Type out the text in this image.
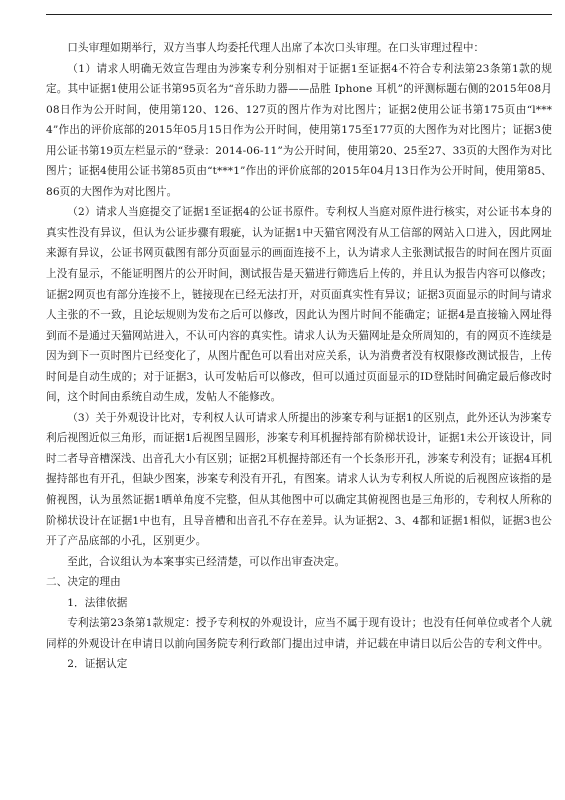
口头审理如期举行，双方当事人均委托代理人出席了本次口头审理。在口头审理过程中：

（1）请求人明确无效宣告理由为涉案专利分别相对于证据1至证据4不符合专利法第23条第1款的规定。其中证据1使用公证书第95页名为“音乐助力器——品胜 Iphone 耳机”的评测标题右侧的2015年08月08日作为公开时间，使用第120、126、127页的图片作为对比图片；证据2使用公证书第175页由“l***4”作出的评价底部的2015年05月15日作为公开时间，使用第175至177页的大图作为对比图片；证据3使用公证书第19页左栏显示的“登录：2014-06-11”为公开时间，使用第20、25至27、33页的大图作为对比图片；证据4使用公证书第85页由“t***1”作出的评价底部的2015年04月13日作为公开时间，使用第85、86页的大图作为对比图片。

（2）请求人当庭提交了证据1至证据4的公证书原件。专利权人当庭对原件进行核实，对公证书本身的真实性没有异议，但认为公证步骤有瑕疵，认为证据1中天猫官网没有从工信部的网站入口进入，因此网址来源有异议，公证书网页截图有部分页面显示的画面连接不上，认为请求人主张测试报告的时间在图片页面上没有显示，不能证明图片的公开时间，测试报告是天猫进行筛选后上传的，并且认为报告内容可以修改；证据2网页也有部分连接不上，链接现在已经无法打开，对页面真实性有异议；证据3页面显示的时间与请求人主张的不一致，且论坛规则为发布之后可以修改，因此认为图片时间不能确定；证据4是直接输入网址得到而不是通过天猫网站进入，不认可内容的真实性。请求人认为天猫网址是众所周知的，有的网页不连续是因为到下一页时图片已经变化了，从图片配色可以看出对应关系，认为消费者没有权限修改测试报告，上传时间是自动生成的；对于证据3，认可发帖后可以修改，但可以通过页面显示的ID登陆时间确定最后修改时间，这个时间由系统自动生成，发帖人不能修改。

（3）关于外观设计比对，专利权人认可请求人所提出的涉案专利与证据1的区别点，此外还认为涉案专利后视图近似三角形，而证据1后视图呈圆形，涉案专利耳机握持部有阶梯状设计，证据1未公开该设计，同时二者导音槽深浅、出音孔大小有区别；证据2耳机握持部还有一个长条形开孔，涉案专利没有；证据4耳机握持部也有开孔，但缺少图案，涉案专利没有开孔，有图案。请求人认为专利权人所说的后视图应该指的是俯视图，认为虽然证据1晒单角度不完整，但从其他图中可以确定其俯视图也是三角形的，专利权人所称的阶梯状设计在证据1中也有，且导音槽和出音孔不存在差异。认为证据2、3、4都和证据1相似，证据3也公开了产品底部的小孔，区别更少。

至此，合议组认为本案事实已经清楚，可以作出审查决定。

二、决定的理由

1．法律依据

专利法第23条第1款规定：授予专利权的外观设计，应当不属于现有设计；也没有任何单位或者个人就同样的外观设计在申请日以前向国务院专利行政部门提出过申请，并记载在申请日以后公告的专利文件中。

2．证据认定
